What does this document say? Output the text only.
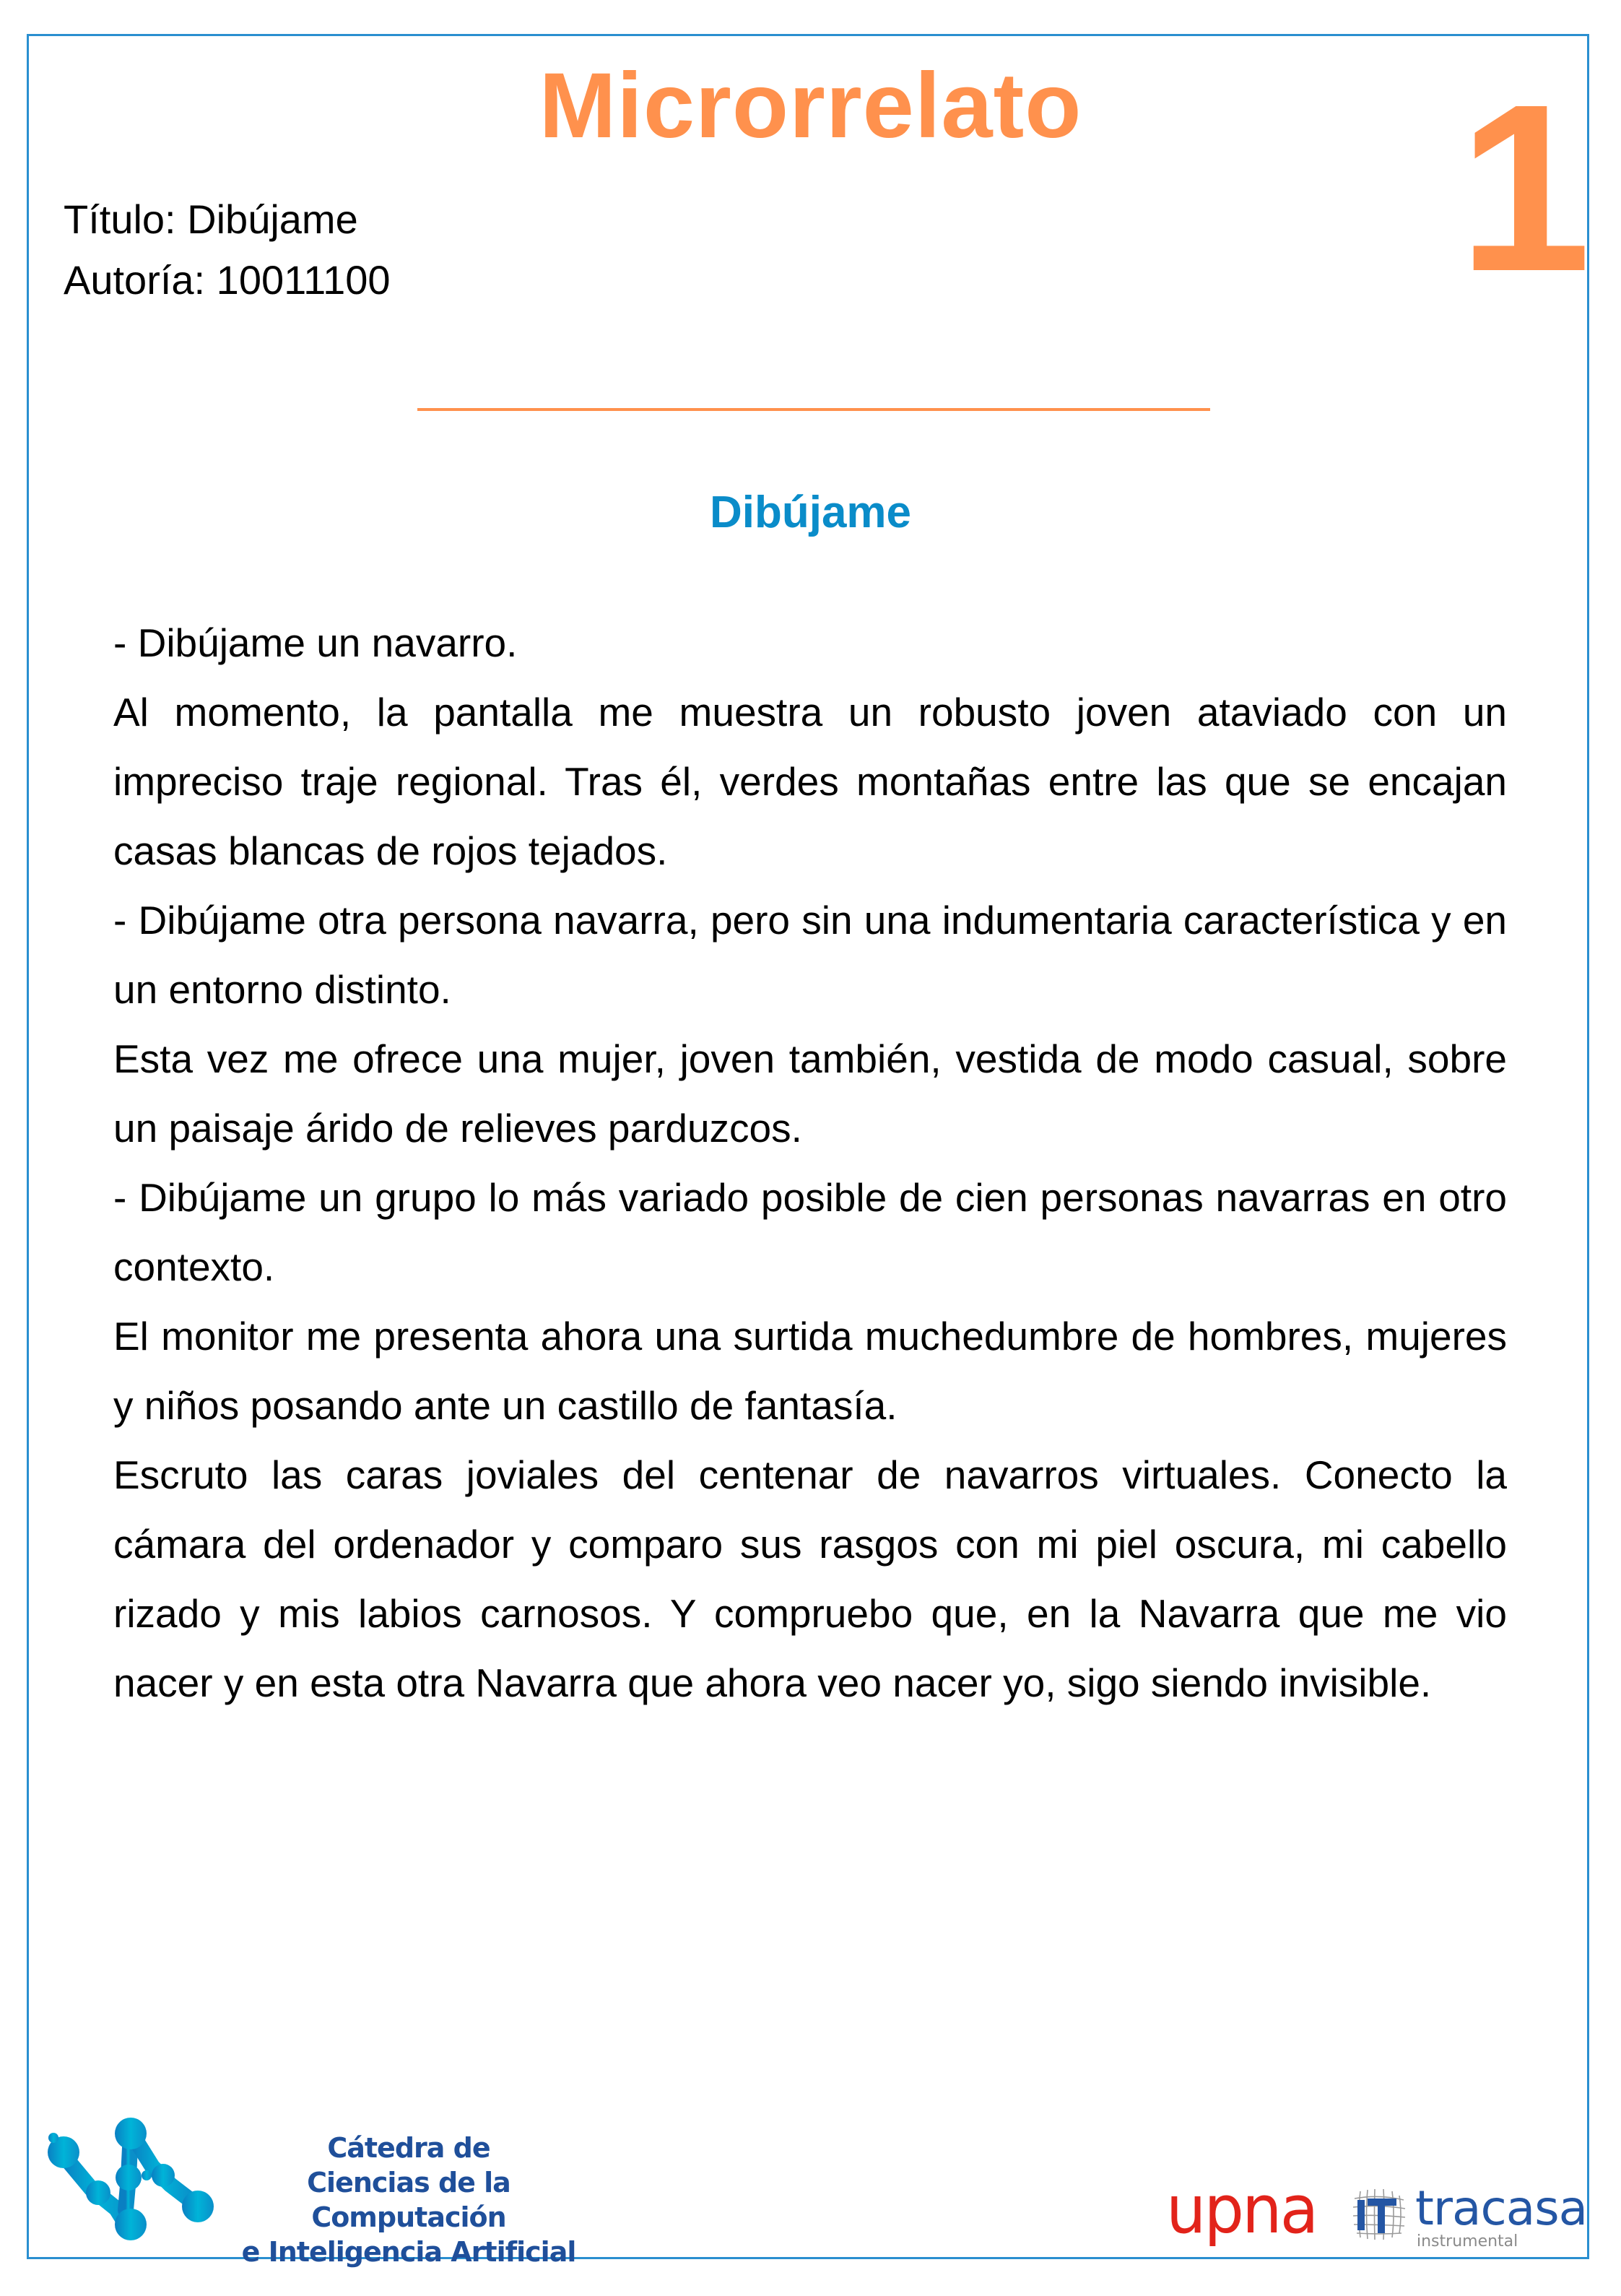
Microrrelato	1
Título: Dibújame
Autoría: 10011100
Dibújame

- Dibújame un navarro.

Al momento, la pantalla me muestra un robusto joven ataviado con un impreciso traje regional. Tras él, verdes montañas entre las que se encajan casas blancas de rojos tejados.

- Dibújame otra persona navarra, pero sin una indumentaria característica y en un entorno distinto.

Esta vez me ofrece una mujer, joven también, vestida de modo casual, sobre un paisaje árido de relieves parduzcos.

- Dibújame un grupo lo más variado posible de cien personas navarras en otro contexto.

El monitor me presenta ahora una surtida muchedumbre de hombres, mujeres y niños posando ante un castillo de fantasía.

Escruto las caras joviales del centenar de navarros virtuales. Conecto la cámara del ordenador y comparo sus rasgos con mi piel oscura, mi cabello rizado y mis labios carnosos. Y compruebo que, en la Navarra que me vio nacer y en esta otra Navarra que ahora veo nacer yo, sigo siendo invisible.

Cátedra de
Ciencias de la Computación
e Inteligencia Artificial
upna tracasa
instrumental
